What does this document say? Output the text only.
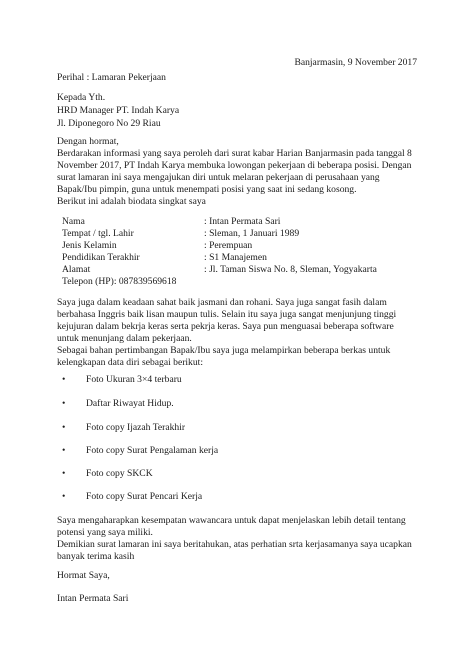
Banjarmasin, 9 November 2017
Perihal : Lamaran Pekerjaan
Kepada Yth.
HRD Manager PT. Indah Karya
Jl. Diponegoro No 29 Riau
Dengan hormat,
Berdarakan informasi yang saya peroleh dari surat kabar Harian Banjarmasin pada tanggal 8
November 2017, PT Indah Karya membuka lowongan pekerjaan di beberapa posisi. Dengan
surat lamaran ini saya mengajukan diri untuk melaran pekerjaan di perusahaan yang
Bapak/Ibu pimpin, guna untuk menempati posisi yang saat ini sedang kosong.
Berikut ini adalah biodata singkat saya
Nama	: Intan Permata Sari
Tempat / tgl. Lahir	: Sleman, 1 Januari 1989
Jenis Kelamin	: Perempuan
Pendidikan Terakhir	: S1 Manajemen
Alamat	: Jl. Taman Siswa No. 8, Sleman, Yogyakarta
Telepon (HP): 087839569618
Saya juga dalam keadaan sahat baik jasmani dan rohani. Saya juga sangat fasih dalam
berbahasa Inggris baik lisan maupun tulis. Selain itu saya juga sangat menjunjung tinggi
kejujuran dalam bekrja keras serta pekrja keras. Saya pun menguasai beberapa software
untuk menunjang dalam pekerjaan.
Sebagai bahan pertimbangan Bapak/Ibu saya juga melampirkan beberapa berkas untuk
kelengkapan data diri sebagai berikut:
• Foto Ukuran 3×4 terbaru
• Daftar Riwayat Hidup.
• Foto copy Ijazah Terakhir
• Foto copy Surat Pengalaman kerja
• Foto copy SKCK
• Foto copy Surat Pencari Kerja
Saya mengaharapkan kesempatan wawancara untuk dapat menjelaskan lebih detail tentang
potensi yang saya miliki.
Demikian surat lamaran ini saya beritahukan, atas perhatian srta kerjasamanya saya ucapkan
banyak terima kasih
Hormat Saya,
Intan Permata Sari
